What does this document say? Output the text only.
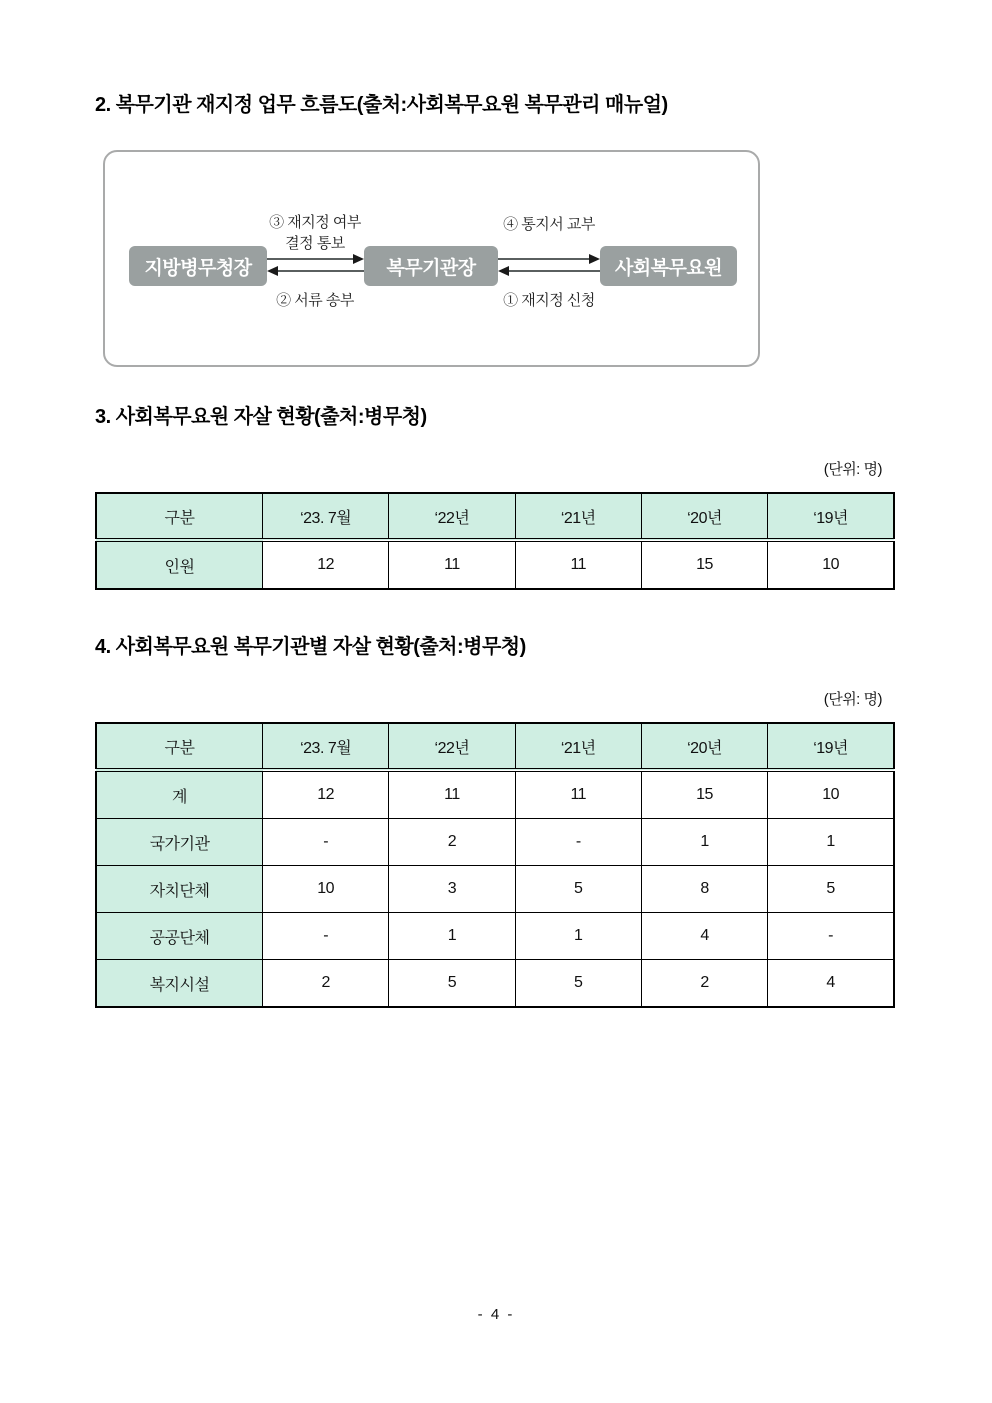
2. 복무기관 재지정 업무 흐름도(출처:사회복무요원 복무관리 매뉴얼)
지방병무청장	복무기관장	사회복무요원
③ 재지정 여부
결정 통보
④ 통지서 교부
② 서류 송부	① 재지정 신청
3. 사회복무요원 자살 현황(출처:병무청)
(단위: 명)
구분	‘23. 7월	‘22년	‘21년	‘20년	‘19년
인원	12	11	11	15	10
4. 사회복무요원 복무기관별 자살 현황(출처:병무청)
(단위: 명)
구분	‘23. 7월	‘22년	‘21년	‘20년	‘19년
계	12	11	11	15	10
국가기관	-	2	-	1	1
자치단체	10	3	5	8	5
공공단체	-	1	1	4	-
복지시설	2	5	5	2	4
- 4 -
